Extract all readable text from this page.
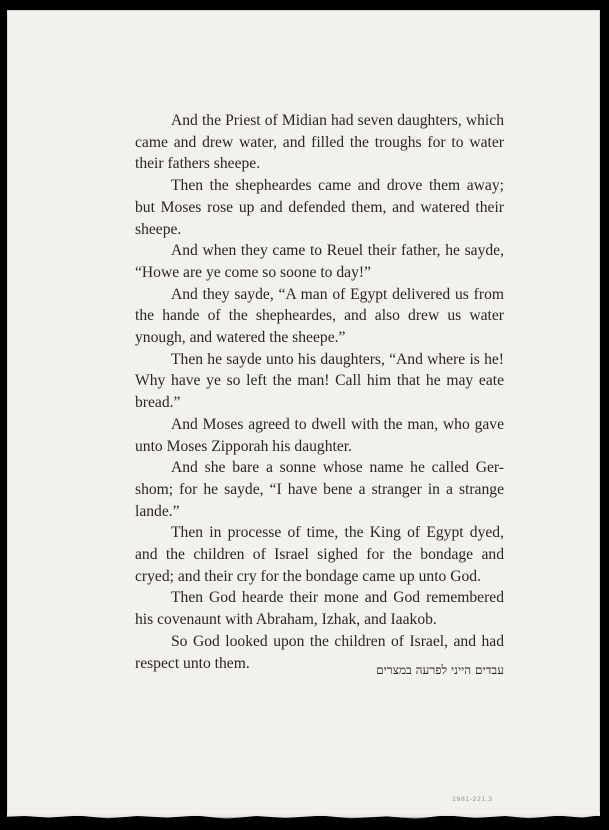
And the Priest of Midian had seven daughters, which came and drew water, and filled the troughs for to water their fathers sheepe.

Then the shepheardes came and drove them away; but Moses rose up and defended them, and watered their sheepe.

And when they came to Reuel their father, he sayde, “Howe are ye come so soone to day!”

And they sayde, “A man of Egypt delivered us from the hande of the shepheardes, and also drew us water ynough, and watered the sheepe.”

Then he sayde unto his daughters, “And where is he! Why have ye so left the man! Call him that he may eate bread.”

And Moses agreed to dwell with the man, who gave unto Moses Zipporah his daughter.

And she bare a sonne whose name he called Ger-shom; for he sayde, “I have bene a stranger in a strange lande.”

Then in processe of time, the King of Egypt dyed, and the children of Israel sighed for the bondage and cryed; and their cry for the bondage came up unto God.

Then God hearde their mone and God remembered his covenaunt with Abraham, Izhak, and Iaakob.

So God looked upon the children of Israel, and had respect unto them.	עבדים הייני לפרעה במצרים
1981-221.3
